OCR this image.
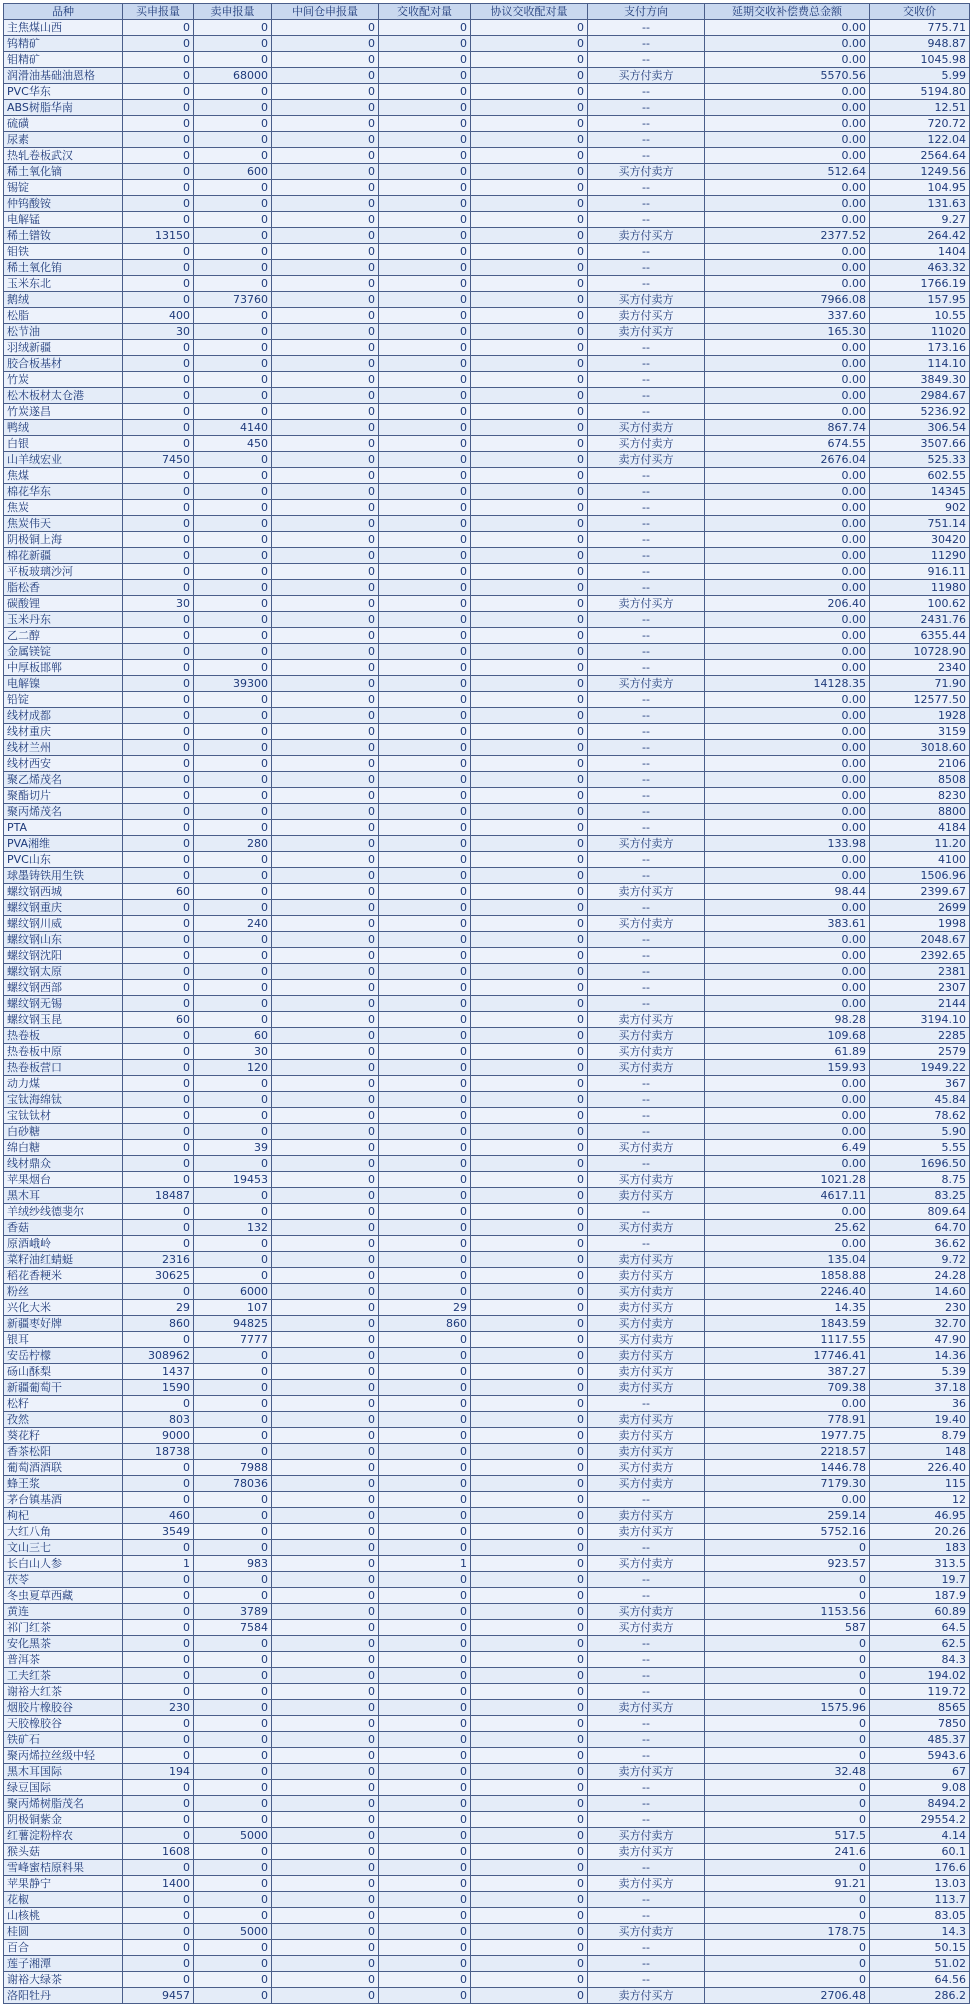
品种	买申报量	卖申报量	中间仓申报量	交收配对量	协议交收配对量	支付方向	延期交收补偿费总金额	交收价
主焦煤山西	0	0	0	0	0	--	0.00	775.71
钨精矿	0	0	0	0	0	--	0.00	948.87
钼精矿	0	0	0	0	0	--	0.00	1045.98
润滑油基础油恩格	0	68000	0	0	0	买方付卖方	5570.56	5.99
PVC华东	0	0	0	0	0	--	0.00	5194.80
ABS树脂华南	0	0	0	0	0	--	0.00	12.51
硫磺	0	0	0	0	0	--	0.00	720.72
尿素	0	0	0	0	0	--	0.00	122.04
热轧卷板武汉	0	0	0	0	0	--	0.00	2564.64
稀土氧化镝	0	600	0	0	0	买方付卖方	512.64	1249.56
锡锭	0	0	0	0	0	--	0.00	104.95
仲钨酸铵	0	0	0	0	0	--	0.00	131.63
电解锰	0	0	0	0	0	--	0.00	9.27
稀土镨钕	13150	0	0	0	0	卖方付买方	2377.52	264.42
钼铁	0	0	0	0	0	--	0.00	1404
稀土氧化铕	0	0	0	0	0	--	0.00	463.32
玉米东北	0	0	0	0	0	--	0.00	1766.19
鹅绒	0	73760	0	0	0	买方付卖方	7966.08	157.95
松脂	400	0	0	0	0	卖方付买方	337.60	10.55
松节油	30	0	0	0	0	卖方付买方	165.30	11020
羽绒新疆	0	0	0	0	0	--	0.00	173.16
胶合板基材	0	0	0	0	0	--	0.00	114.10
竹炭	0	0	0	0	0	--	0.00	3849.30
松木板材太仓港	0	0	0	0	0	--	0.00	2984.67
竹炭遂昌	0	0	0	0	0	--	0.00	5236.92
鸭绒	0	4140	0	0	0	买方付卖方	867.74	306.54
白银	0	450	0	0	0	买方付卖方	674.55	3507.66
山羊绒宏业	7450	0	0	0	0	卖方付买方	2676.04	525.33
焦煤	0	0	0	0	0	--	0.00	602.55
棉花华东	0	0	0	0	0	--	0.00	14345
焦炭	0	0	0	0	0	--	0.00	902
焦炭伟天	0	0	0	0	0	--	0.00	751.14
阴极铜上海	0	0	0	0	0	--	0.00	30420
棉花新疆	0	0	0	0	0	--	0.00	11290
平板玻璃沙河	0	0	0	0	0	--	0.00	916.11
脂松香	0	0	0	0	0	--	0.00	11980
碳酸锂	30	0	0	0	0	卖方付买方	206.40	100.62
玉米丹东	0	0	0	0	0	--	0.00	2431.76
乙二醇	0	0	0	0	0	--	0.00	6355.44
金属镁锭	0	0	0	0	0	--	0.00	10728.90
中厚板邯郸	0	0	0	0	0	--	0.00	2340
电解镍	0	39300	0	0	0	买方付卖方	14128.35	71.90
铅锭	0	0	0	0	0	--	0.00	12577.50
线材成都	0	0	0	0	0	--	0.00	1928
线材重庆	0	0	0	0	0	--	0.00	3159
线材兰州	0	0	0	0	0	--	0.00	3018.60
线材西安	0	0	0	0	0	--	0.00	2106
聚乙烯茂名	0	0	0	0	0	--	0.00	8508
聚酯切片	0	0	0	0	0	--	0.00	8230
聚丙烯茂名	0	0	0	0	0	--	0.00	8800
PTA	0	0	0	0	0	--	0.00	4184
PVA湘维	0	280	0	0	0	买方付卖方	133.98	11.20
PVC山东	0	0	0	0	0	--	0.00	4100
球墨铸铁用生铁	0	0	0	0	0	--	0.00	1506.96
螺纹钢西城	60	0	0	0	0	卖方付买方	98.44	2399.67
螺纹钢重庆	0	0	0	0	0	--	0.00	2699
螺纹钢川威	0	240	0	0	0	买方付卖方	383.61	1998
螺纹钢山东	0	0	0	0	0	--	0.00	2048.67
螺纹钢沈阳	0	0	0	0	0	--	0.00	2392.65
螺纹钢太原	0	0	0	0	0	--	0.00	2381
螺纹钢西部	0	0	0	0	0	--	0.00	2307
螺纹钢无锡	0	0	0	0	0	--	0.00	2144
螺纹钢玉昆	60	0	0	0	0	卖方付买方	98.28	3194.10
热卷板	0	60	0	0	0	买方付卖方	109.68	2285
热卷板中原	0	30	0	0	0	买方付卖方	61.89	2579
热卷板营口	0	120	0	0	0	买方付卖方	159.93	1949.22
动力煤	0	0	0	0	0	--	0.00	367
宝钛海绵钛	0	0	0	0	0	--	0.00	45.84
宝钛钛材	0	0	0	0	0	--	0.00	78.62
白砂糖	0	0	0	0	0	--	0.00	5.90
绵白糖	0	39	0	0	0	买方付卖方	6.49	5.55
线材鼎众	0	0	0	0	0	--	0.00	1696.50
苹果烟台	0	19453	0	0	0	买方付卖方	1021.28	8.75
黑木耳	18487	0	0	0	0	卖方付买方	4617.11	83.25
羊绒纱线德斐尔	0	0	0	0	0	--	0.00	809.64
香菇	0	132	0	0	0	买方付卖方	25.62	64.70
原酒峨岭	0	0	0	0	0	--	0.00	36.62
菜籽油红蜻蜓	2316	0	0	0	0	卖方付买方	135.04	9.72
稻花香粳米	30625	0	0	0	0	卖方付买方	1858.88	24.28
粉丝	0	6000	0	0	0	买方付卖方	2246.40	14.60
兴化大米	29	107	0	29	0	卖方付买方	14.35	230
新疆枣好牌	860	94825	0	860	0	买方付卖方	1843.59	32.70
银耳	0	7777	0	0	0	买方付卖方	1117.55	47.90
安岳柠檬	308962	0	0	0	0	卖方付买方	17746.41	14.36
砀山酥梨	1437	0	0	0	0	卖方付买方	387.27	5.39
新疆葡萄干	1590	0	0	0	0	卖方付买方	709.38	37.18
松籽	0	0	0	0	0	--	0.00	36
孜然	803	0	0	0	0	卖方付买方	778.91	19.40
葵花籽	9000	0	0	0	0	卖方付买方	1977.75	8.79
香茶松阳	18738	0	0	0	0	卖方付买方	2218.57	148
葡萄酒酒联	0	7988	0	0	0	买方付卖方	1446.78	226.40
蜂王浆	0	78036	0	0	0	买方付卖方	7179.30	115
茅台镇基酒	0	0	0	0	0	--	0.00	12
枸杞	460	0	0	0	0	卖方付买方	259.14	46.95
大红八角	3549	0	0	0	0	卖方付买方	5752.16	20.26
文山三七	0	0	0	0	0	--	0	183
长白山人参	1	983	0	1	0	买方付卖方	923.57	313.5
茯苓	0	0	0	0	0	--	0	19.7
冬虫夏草西藏	0	0	0	0	0	--	0	187.9
黄连	0	3789	0	0	0	买方付卖方	1153.56	60.89
祁门红茶	0	7584	0	0	0	买方付卖方	587	64.5
安化黑茶	0	0	0	0	0	--	0	62.5
普洱茶	0	0	0	0	0	--	0	84.3
工夫红茶	0	0	0	0	0	--	0	194.02
谢裕大红茶	0	0	0	0	0	--	0	119.72
烟胶片橡胶谷	230	0	0	0	0	卖方付买方	1575.96	8565
天胶橡胶谷	0	0	0	0	0	--	0	7850
铁矿石	0	0	0	0	0	--	0	485.37
聚丙烯拉丝级中轻	0	0	0	0	0	--	0	5943.6
黑木耳国际	194	0	0	0	0	卖方付买方	32.48	67
绿豆国际	0	0	0	0	0	--	0	9.08
聚丙烯树脂茂名	0	0	0	0	0	--	0	8494.2
阴极铜紫金	0	0	0	0	0	--	0	29554.2
红薯淀粉梓农	0	5000	0	0	0	买方付卖方	517.5	4.14
猴头菇	1608	0	0	0	0	卖方付买方	241.6	60.1
雪峰蜜桔原料果	0	0	0	0	0	--	0	176.6
苹果静宁	1400	0	0	0	0	卖方付买方	91.21	13.03
花椒	0	0	0	0	0	--	0	113.7
山核桃	0	0	0	0	0	--	0	83.05
桂圆	0	5000	0	0	0	买方付卖方	178.75	14.3
百合	0	0	0	0	0	--	0	50.15
莲子湘潭	0	0	0	0	0	--	0	51.02
谢裕大绿茶	0	0	0	0	0	--	0	64.56
洛阳牡丹	9457	0	0	0	0	卖方付买方	2706.48	286.2
